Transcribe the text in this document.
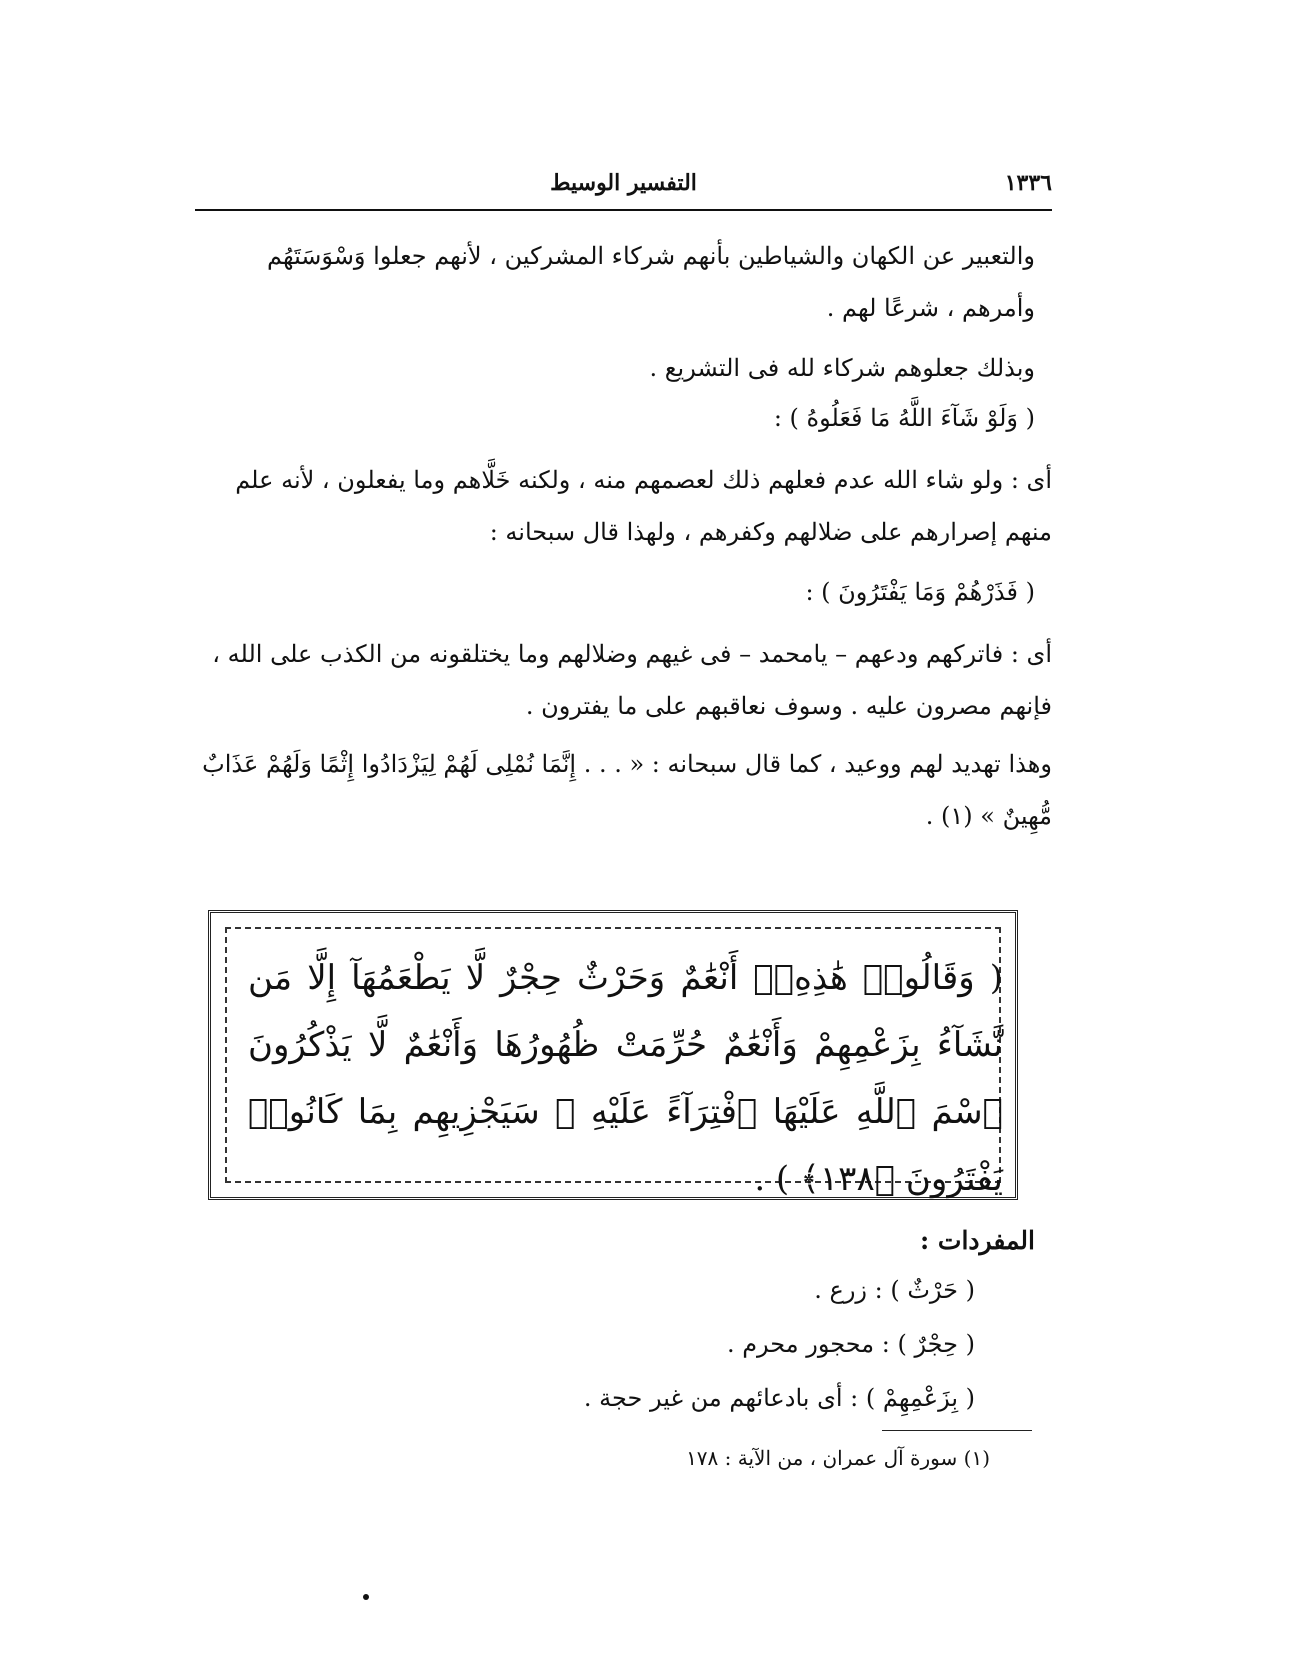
١٣٣٦
التفسير الوسيط
والتعبير عن الكهان والشياطين بأنهم شركاء المشركين ، لأنهم جعلوا وَسْوَسَتَهُم وأمرهم ، شرعًا لهم .
وبذلك جعلوهم شركاء لله فى التشريع .
( وَلَوْ شَآءَ اللَّهُ مَا فَعَلُوهُ ) :
أى : ولو شاء الله عدم فعلهم ذلك لعصمهم منه ، ولكنه خَلَّاهم وما يفعلون ، لأنه علم منهم إصرارهم على ضلالهم وكفرهم ، ولهذا قال سبحانه :
( فَذَرْهُمْ وَمَا يَفْتَرُونَ ) :
أى : فاتركهم ودعهم – يامحمد – فى غيهم وضلالهم وما يختلقونه من الكذب على الله ، فإنهم مصرون عليه . وسوف نعاقبهم على ما يفترون .
وهذا تهديد لهم ووعيد ، كما قال سبحانه : « . . . إِنَّمَا نُمْلِى لَهُمْ لِيَزْدَادُوا إِثْمًا وَلَهُمْ عَذَابٌ مُّهِينٌ » (١) .
( وَقَالُوا۟ هَٰذِهِۦٓ أَنْعَٰمٌ وَحَرْثٌ حِجْرٌ لَّا يَطْعَمُهَآ إِلَّا مَن نَّشَآءُ بِزَعْمِهِمْ وَأَنْعَٰمٌ حُرِّمَتْ ظُهُورُهَا وَأَنْعَٰمٌ لَّا يَذْكُرُونَ ٱسْمَ ٱللَّهِ عَلَيْهَا ٱفْتِرَآءً عَلَيْهِ ۚ سَيَجْزِيهِم بِمَا كَانُوا۟ يَفْتَرُونَ ﴿١٣٨﴾ ) .
المفردات :
( حَرْثٌ ) : زرع .
( حِجْرٌ ) : محجور محرم .
( بِزَعْمِهِمْ ) : أى بادعائهم من غير حجة .
(١) سورة آل عمران ، من الآية : ١٧٨
